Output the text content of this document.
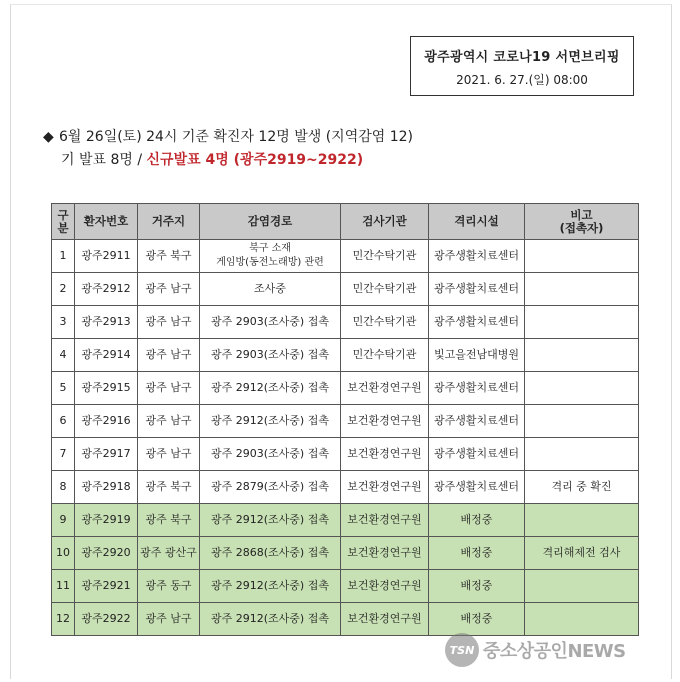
광주광역시 코로나19 서면브리핑
2021. 6. 27.(일) 08:00
◆ 6월 26일(토) 24시 기준 확진자 12명 발생 (지역감염 12)
기 발표 8명 / 신규발표 4명 (광주2919~2922)
구분	환자번호	거주지	감염경로	검사기관	격리시설	비고
(접촉자)
1	광주2911	광주 북구	북구 소재
게임방(동전노래방) 관련	민간수탁기관	광주생활치료센터	
2	광주2912	광주 남구	조사중	민간수탁기관	광주생활치료센터	
3	광주2913	광주 남구	광주 2903(조사중) 접촉	민간수탁기관	광주생활치료센터	
4	광주2914	광주 남구	광주 2903(조사중) 접촉	민간수탁기관	빛고을전남대병원	
5	광주2915	광주 남구	광주 2912(조사중) 접촉	보건환경연구원	광주생활치료센터	
6	광주2916	광주 남구	광주 2912(조사중) 접촉	보건환경연구원	광주생활치료센터	
7	광주2917	광주 남구	광주 2903(조사중) 접촉	보건환경연구원	광주생활치료센터	
8	광주2918	광주 북구	광주 2879(조사중) 접촉	보건환경연구원	광주생활치료센터	격리 중 확진
9	광주2919	광주 북구	광주 2912(조사중) 접촉	보건환경연구원	배정중	
10	광주2920	광주 광산구	광주 2868(조사중) 접촉	보건환경연구원	배정중	격리해제전 검사
11	광주2921	광주 동구	광주 2912(조사중) 접촉	보건환경연구원	배정중	
12	광주2922	광주 남구	광주 2912(조사중) 접촉	보건환경연구원	배정중	
TSN 중소상공인NEWS
